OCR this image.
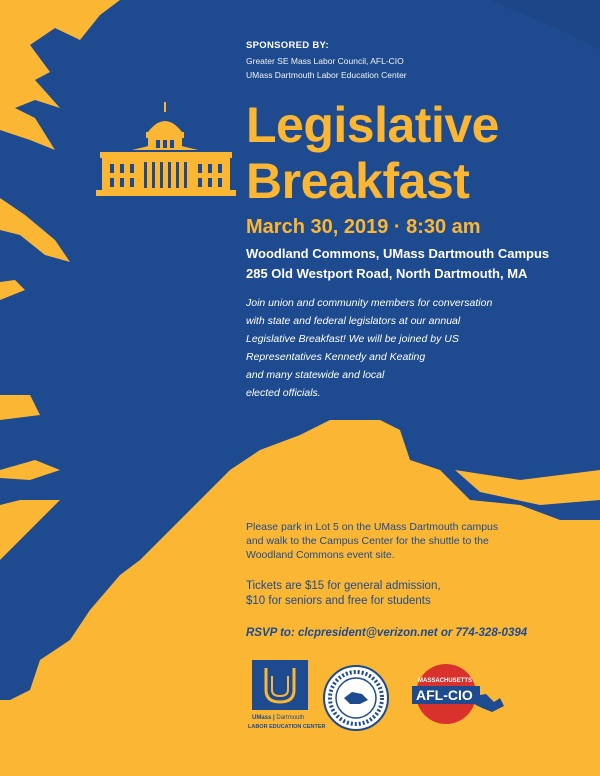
SPONSORED BY:
Greater SE Mass Labor Council, AFL-CIO
UMass Dartmouth Labor Education Center
Legislative
Breakfast
March 30, 2019 · 8:30 am
Woodland Commons, UMass Dartmouth Campus
285 Old Westport Road, North Dartmouth, MA
Join union and community members for conversation
with state and federal legislators at our annual
Legislative Breakfast! We will be joined by US
Representatives Kennedy and Keating
and many statewide and local
elected officials.
Please park in Lot 5 on the UMass Dartmouth campus
and walk to the Campus Center for the shuttle to the
Woodland Commons event site.
Tickets are $15 for general admission,
$10 for seniors and free for students
RSVP to: clcpresident@verizon.net or 774-328-0394
UMass | Dartmouth
LABOR EDUCATION CENTER
MASSACHUSETTS
AFL-CIO
